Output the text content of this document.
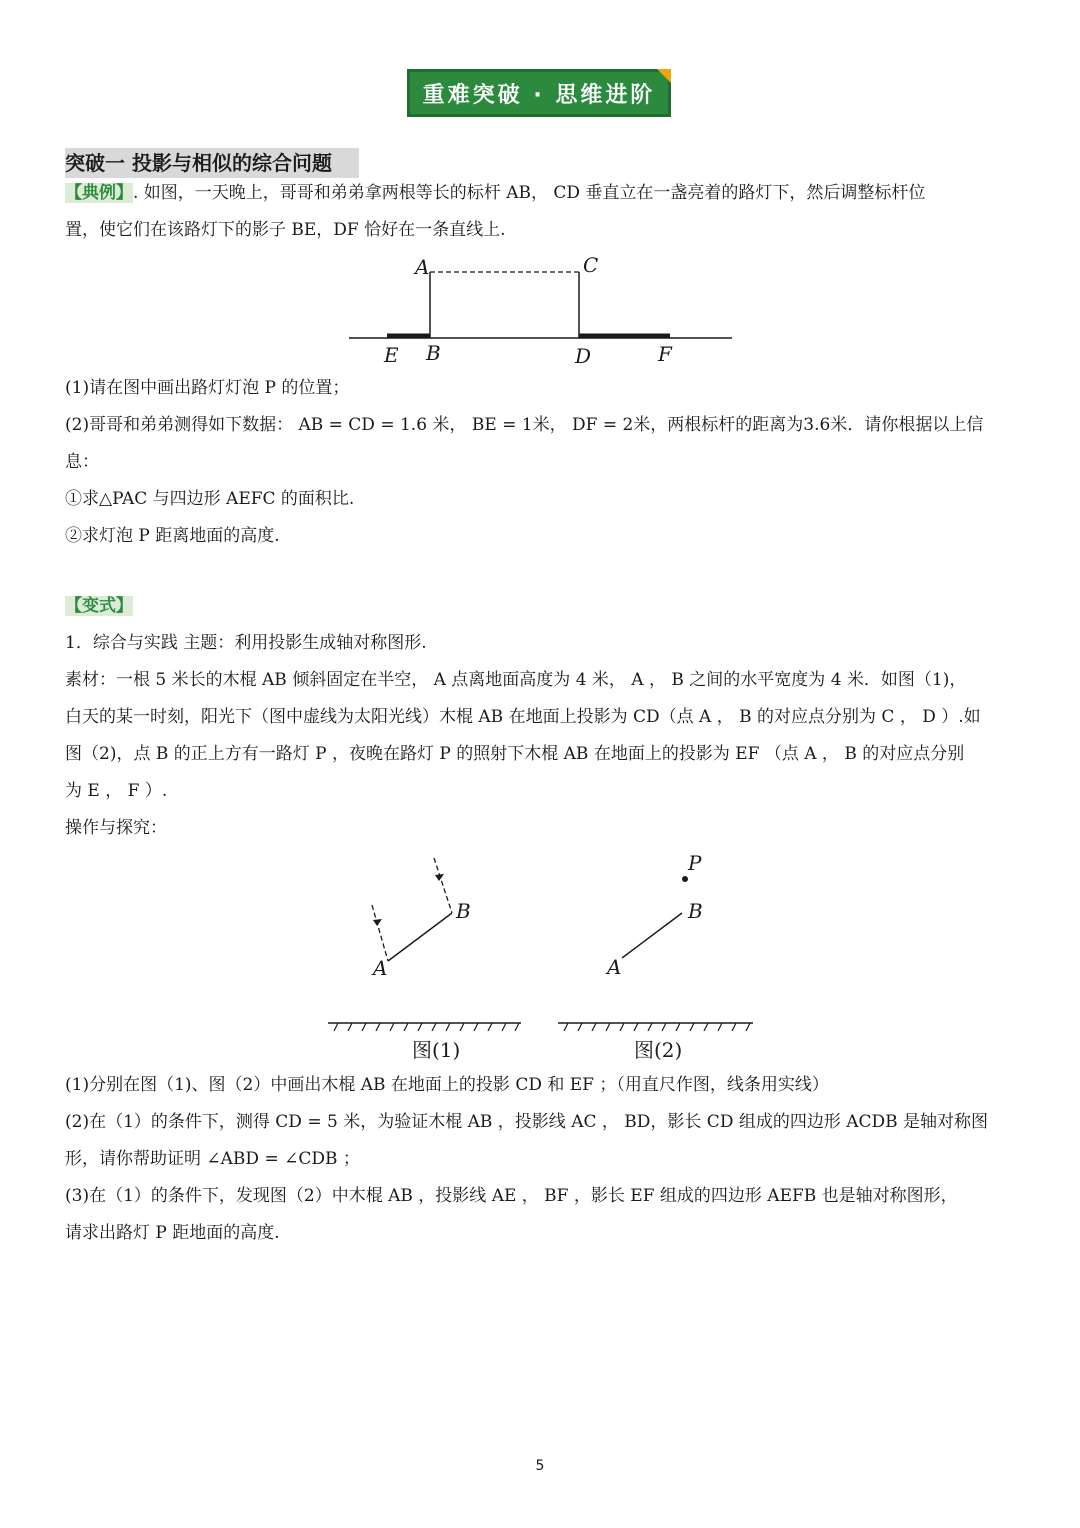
重难突破 · 思维进阶
突破一 投影与相似的综合问题
【典例】. 如图，一天晚上，哥哥和弟弟拿两根等长的标杆 AB， CD 垂直立在一盏亮着的路灯下，然后调整标杆位
置，使它们在该路灯下的影子 BE，DF 恰好在一条直线上.
A	C
E B	D	F
(1)请在图中画出路灯灯泡 P 的位置；
(2)哥哥和弟弟测得如下数据： AB = CD = 1.6 米， BE = 1米， DF = 2米，两根标杆的距离为3.6米．请你根据以上信
息：
①求△PAC 与四边形 AEFC 的面积比.
②求灯泡 P 距离地面的高度.
【变式】
1．综合与实践 主题：利用投影生成轴对称图形.
素材：一根 5 米长的木棍 AB 倾斜固定在半空， A 点离地面高度为 4 米， A ， B 之间的水平宽度为 4 米．如图（1)，
白天的某一时刻，阳光下（图中虚线为太阳光线）木棍 AB 在地面上投影为 CD（点 A ， B 的对应点分别为 C ， D ）.如
图（2)，点 B 的正上方有一路灯 P ，夜晚在路灯 P 的照射下木棍 AB 在地面上的投影为 EF （点 A ， B 的对应点分别
为 E ， F ）.
操作与探究：
A
B
图(1)
P
A
B
图(2)
(1)分别在图（1)、图（2）中画出木棍 AB 在地面上的投影 CD 和 EF ；（用直尺作图，线条用实线）
(2)在（1）的条件下，测得 CD = 5 米，为验证木棍 AB ，投影线 AC ， BD，影长 CD 组成的四边形 ACDB 是轴对称图
形，请你帮助证明 ∠ABD = ∠CDB ；
(3)在（1）的条件下，发现图（2）中木棍 AB ，投影线 AE ， BF ，影长 EF 组成的四边形 AEFB 也是轴对称图形，
请求出路灯 P 距地面的高度.
5
